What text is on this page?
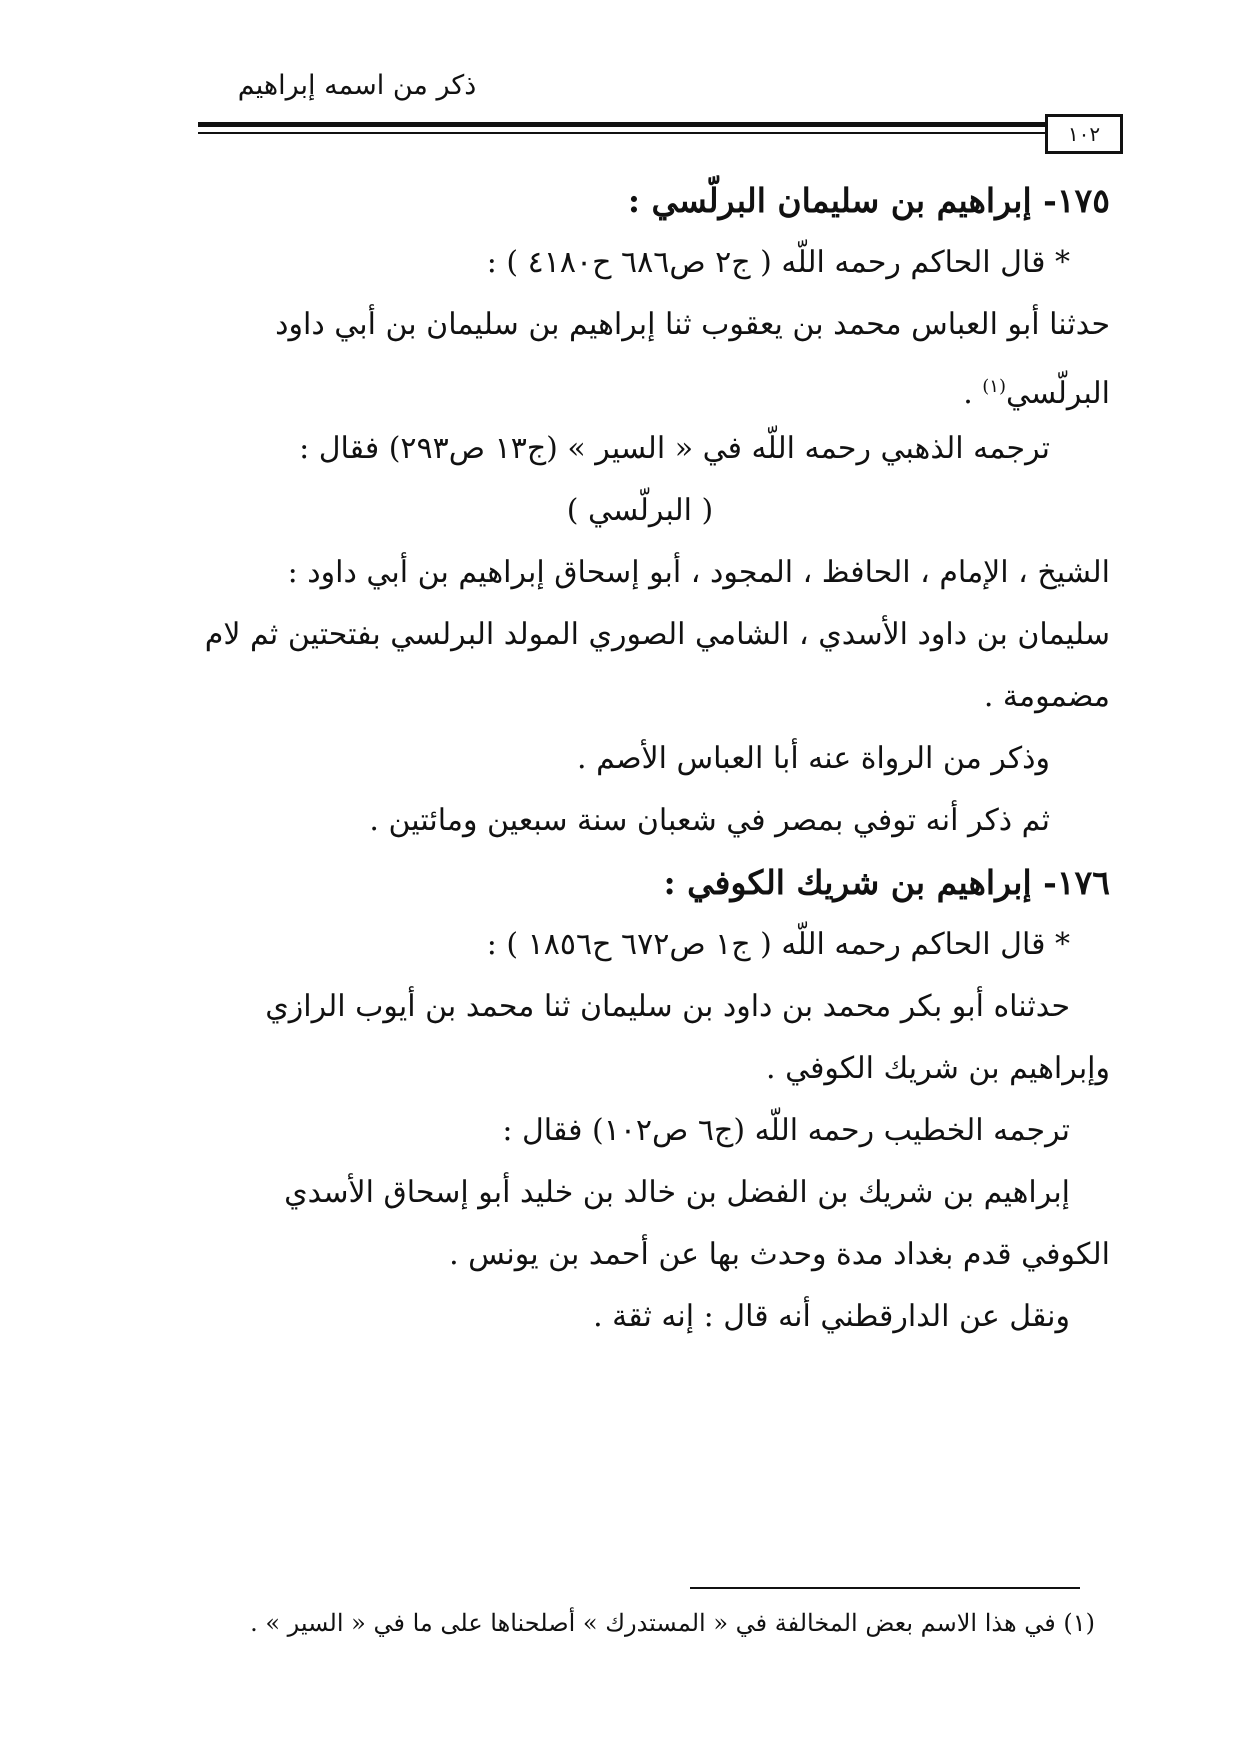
ذكر من اسمه إبراهيم
١٠٢
١٧٥- إبراهيم بن سليمان البرلّسي :
* قال الحاكم رحمه اللّه ( ج٢ ص٦٨٦ ح٤١٨٠ ) :
حدثنا أبو العباس محمد بن يعقوب ثنا إبراهيم بن سليمان بن أبي داود
البرلّسي$^{(١)}$ .
ترجمه الذهبي رحمه اللّه في « السير » (ج١٣ ص٢٩٣) فقال :
( البرلّسي )
الشيخ ، الإمام ، الحافظ ، المجود ، أبو إسحاق إبراهيم بن أبي داود :
سليمان بن داود الأسدي ، الشامي الصوري المولد البرلسي بفتحتين ثم لام
مضمومة .
وذكر من الرواة عنه أبا العباس الأصم .
ثم ذكر أنه توفي بمصر في شعبان سنة سبعين ومائتين .
١٧٦- إبراهيم بن شريك الكوفي :
* قال الحاكم رحمه اللّه ( ج١ ص٦٧٢ ح١٨٥٦ ) :
حدثناه أبو بكر محمد بن داود بن سليمان ثنا محمد بن أيوب الرازي
وإبراهيم بن شريك الكوفي .
ترجمه الخطيب رحمه اللّه (ج٦ ص١٠٢) فقال :
إبراهيم بن شريك بن الفضل بن خالد بن خليد أبو إسحاق الأسدي
الكوفي قدم بغداد مدة وحدث بها عن أحمد بن يونس .
ونقل عن الدارقطني أنه قال : إنه ثقة .
(١) في هذا الاسم بعض المخالفة في « المستدرك » أصلحناها على ما في « السير » .
